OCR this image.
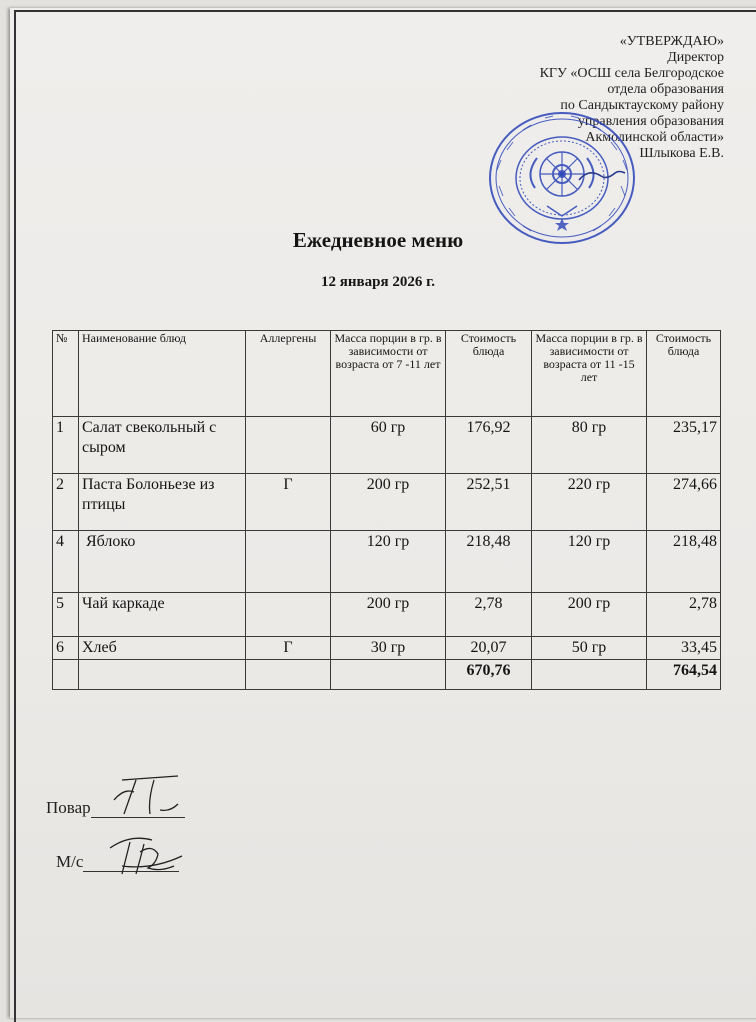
«УТВЕРЖДАЮ»
Директор
КГУ «ОСШ села Белгородское
отдела образования
по Сандыктаускому району
управления образования
Акмолинской области»
Шлыкова Е.В.
Ежедневное меню
12 января 2026 г.
№	Наименование блюд	Аллергены	Масса порции в гр. в зависимости от возраста от 7 -11 лет	Стоимость блюда	Масса порции в гр. в зависимости от возраста от 11 -15 лет	Стоимость блюда
1	Салат свекольный с сыром		60 гр	176,92	80 гр	235,17
2	Паста Болоньезе из птицы	Г	200 гр	252,51	220 гр	274,66
4	Яблоко		120 гр	218,48	120 гр	218,48
5	Чай каркаде		200 гр	2,78	200 гр	2,78
6	Хлеб	Г	30 гр	20,07	50 гр	33,45
				670,76		764,54
Повар
М/с
